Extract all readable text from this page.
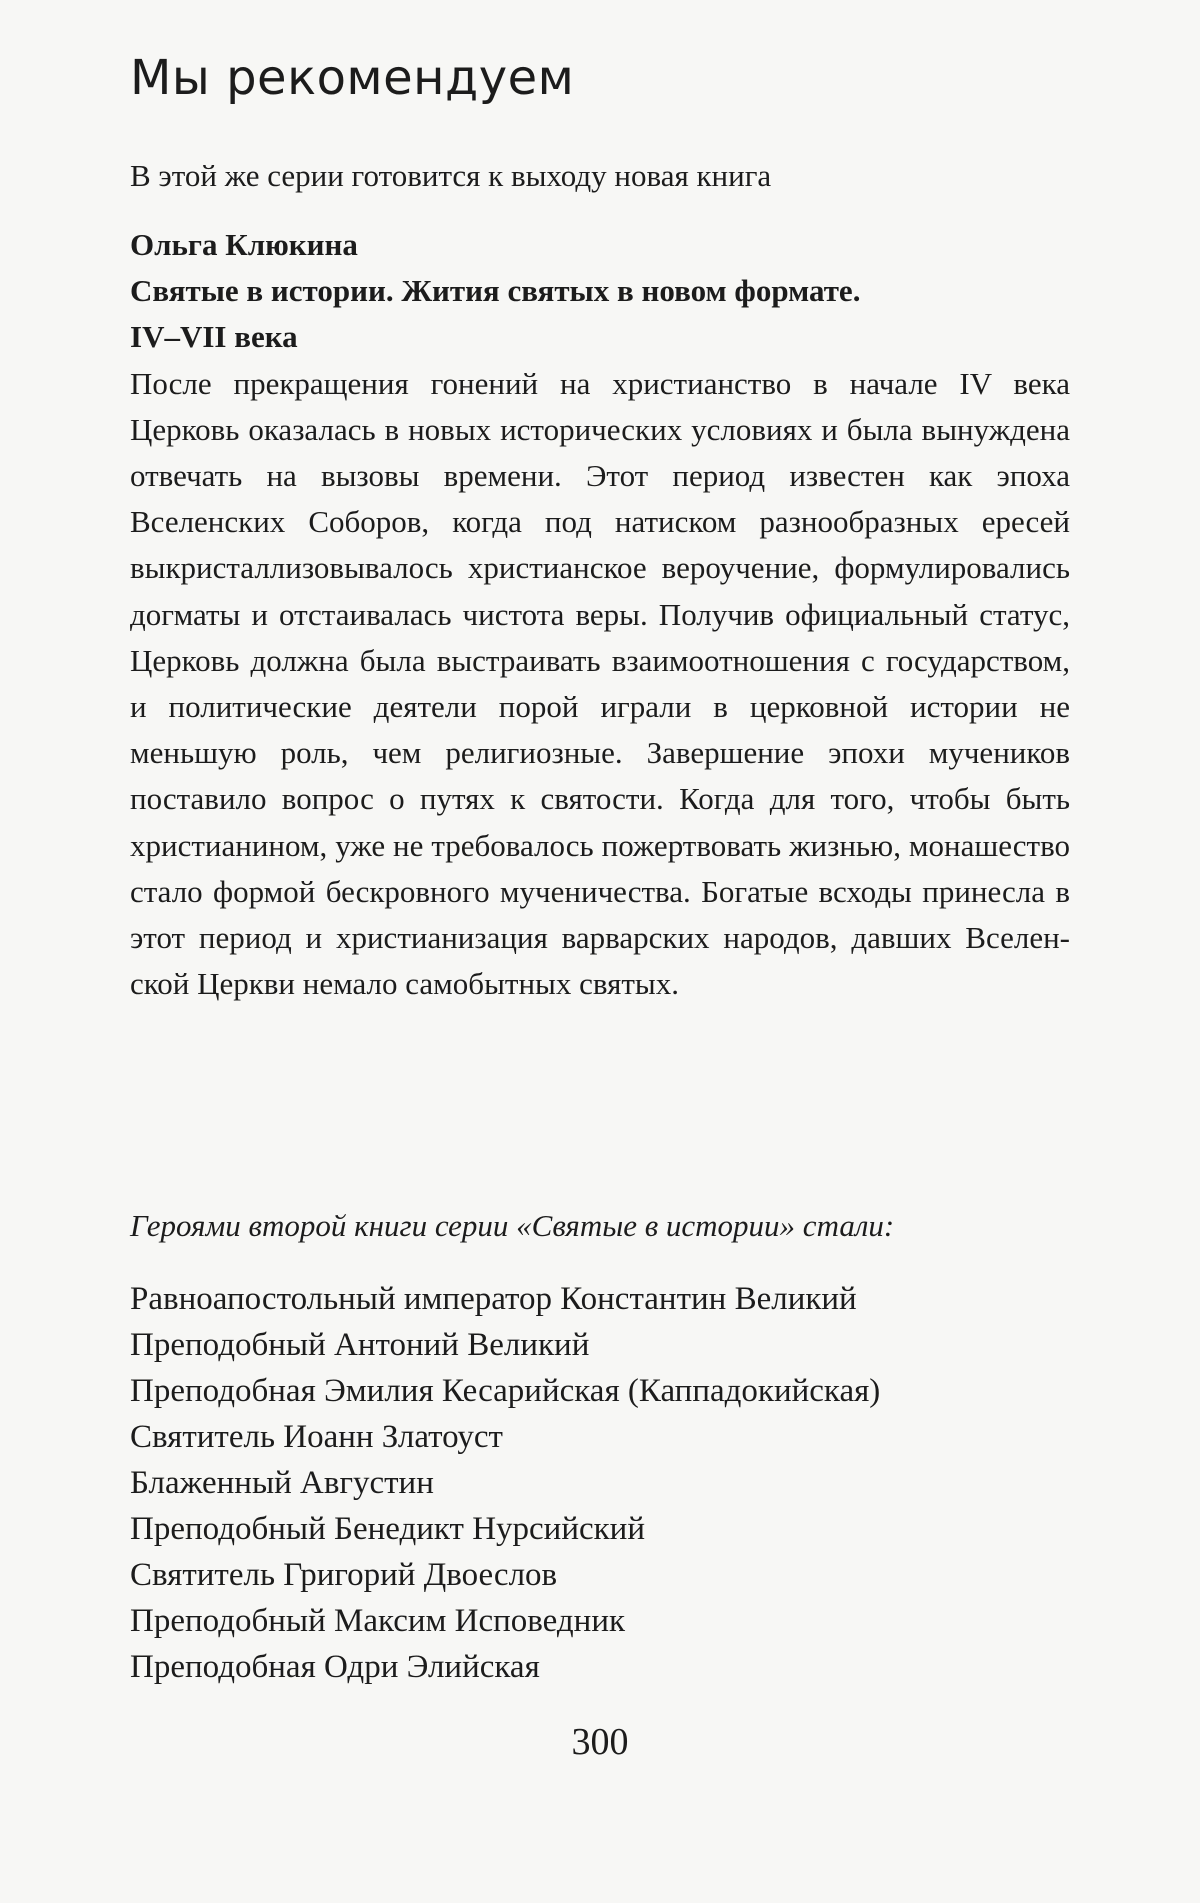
Мы рекомендуем

В этой же серии готовится к выходу новая книга

Ольга Клюкина
Святые в истории. Жития святых в новом формате.
IV–VII века

После прекращения гонений на христианство в начале IV века Церковь оказалась в новых исторических условиях и была вынуждена отвечать на вызовы времени. Этот период известен как эпоха Вселенских Соборов, когда под натиском разнообразных ересей выкристаллизовывалось христианское вероучение, формулировались догматы и отстаивалась чистота веры. Получив официальный статус, Церковь должна была выстраивать взаимоотношения с государством, и политические деятели порой играли в церковной истории не меньшую роль, чем религиозные. Завершение эпохи мучеников поставило вопрос о путях к святости. Когда для того, чтобы быть христианином, уже не требовалось пожертвовать жизнью, монашество стало формой бескровного мученичества. Богатые всходы принесла в этот период и христианизация варварских народов, давших Вселенской Церкви немало самобытных святых.

Героями второй книги серии «Святые в истории» стали:

Равноапостольный император Константин Великий
Преподобный Антоний Великий
Преподобная Эмилия Кесарийская (Каппадокийская)
Святитель Иоанн Златоуст
Блаженный Августин
Преподобный Бенедикт Нурсийский
Святитель Григорий Двоеслов
Преподобный Максим Исповедник
Преподобная Одри Элийская

300
